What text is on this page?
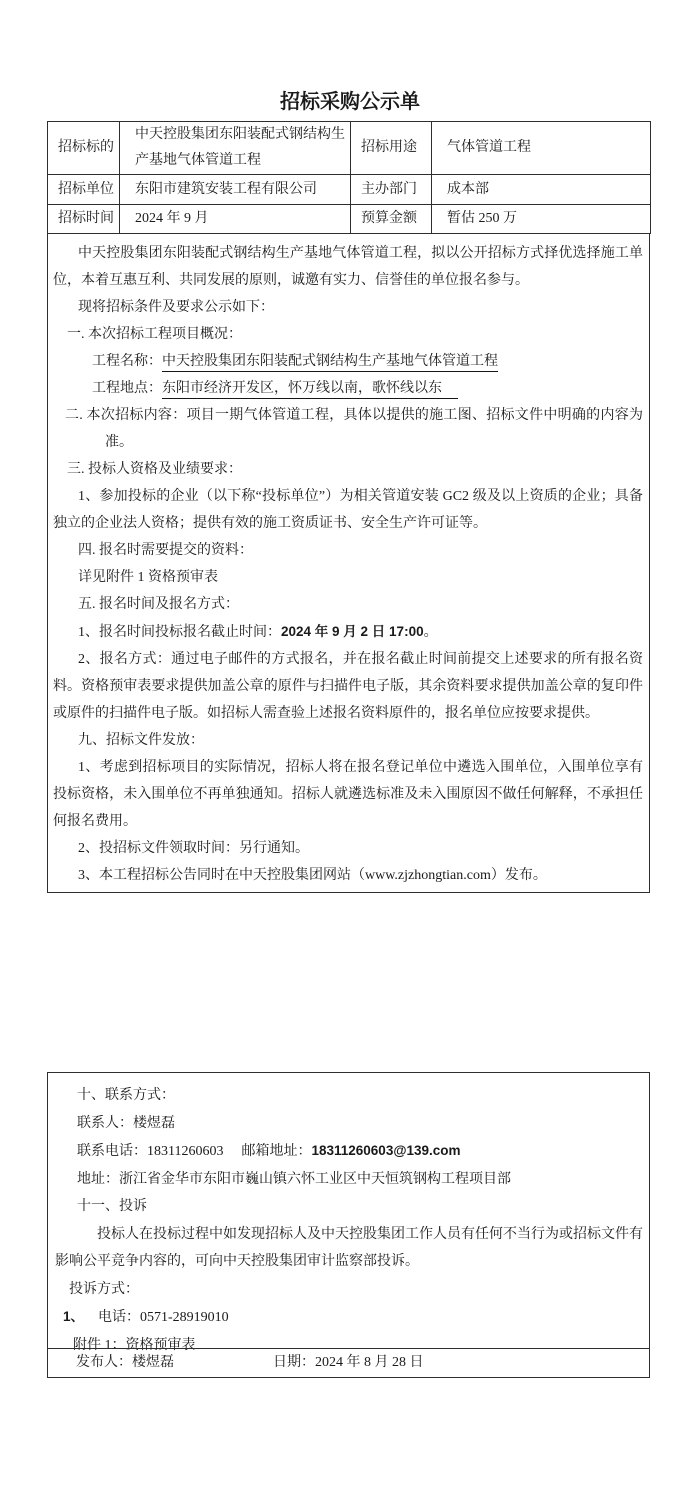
招标采购公示单
招标标的	中天控股集团东阳装配式钢结构生产基地气体管道工程	招标用途	气体管道工程
招标单位	东阳市建筑安装工程有限公司	主办部门	成本部
招标时间	2024 年 9 月	预算金额	暂估 250 万

中天控股集团东阳装配式钢结构生产基地气体管道工程，拟以公开招标方式择优选择施工单位，本着互惠互利、共同发展的原则，诚邀有实力、信誉佳的单位报名参与。

现将招标条件及要求公示如下：

一. 本次招标工程项目概况：

工程名称：中天控股集团东阳装配式钢结构生产基地气体管道工程

工程地点：东阳市经济开发区，怀万线以南，歌怀线以东

二. 本次招标内容：项目一期气体管道工程，具体以提供的施工图、招标文件中明确的内容为准。

三. 投标人资格及业绩要求：

1、参加投标的企业（以下称“投标单位”）为相关管道安装 GC2 级及以上资质的企业；具备独立的企业法人资格；提供有效的施工资质证书、安全生产许可证等。

四. 报名时需要提交的资料：

详见附件 1 资格预审表

五. 报名时间及报名方式：

1、报名时间投标报名截止时间：2024 年 9 月 2 日 17:00。

2、报名方式：通过电子邮件的方式报名，并在报名截止时间前提交上述要求的所有报名资料。资格预审表要求提供加盖公章的原件与扫描件电子版，其余资料要求提供加盖公章的复印件或原件的扫描件电子版。如招标人需查验上述报名资料原件的，报名单位应按要求提供。

九、招标文件发放：

1、考虑到招标项目的实际情况，招标人将在报名登记单位中遴选入围单位，入围单位享有投标资格，未入围单位不再单独通知。招标人就遴选标准及未入围原因不做任何解释，不承担任何报名费用。

2、投招标文件领取时间：另行通知。

3、本工程招标公告同时在中天控股集团网站（www.zjzhongtian.com）发布。

十、联系方式：

联系人：楼煜磊

联系电话：18311260603 邮箱地址：18311260603@139.com

地址：浙江省金华市东阳市巍山镇六怀工业区中天恒筑钢构工程项目部

十一、投诉

投标人在投标过程中如发现招标人及中天控股集团工作人员有任何不当行为或招标文件有影响公平竞争内容的，可向中天控股集团审计监察部投诉。

投诉方式：

1、 电话：0571-28919010

附件 1：资格预审表

发布人：楼煜磊	日期：2024 年 8 月 28 日
